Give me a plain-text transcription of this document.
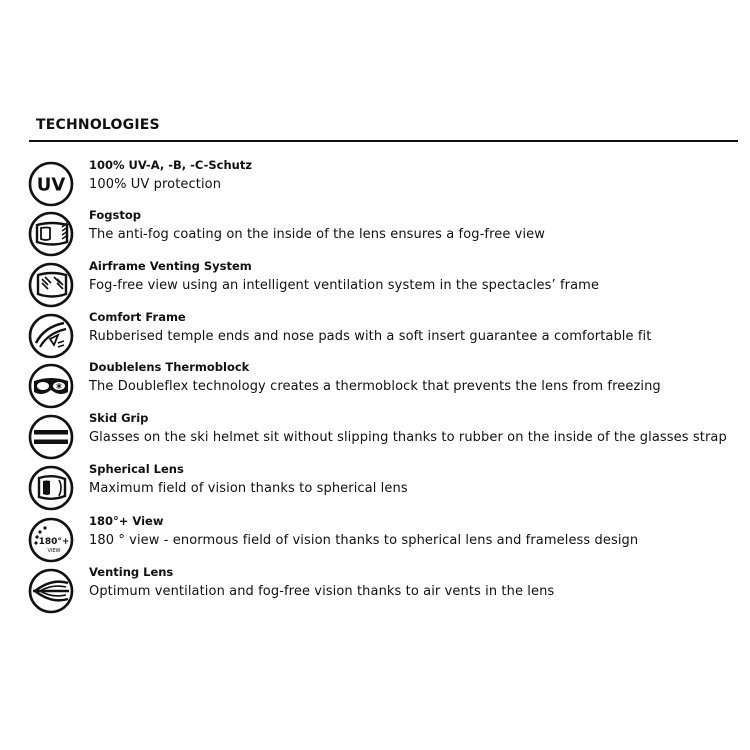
TECHNOLOGIES
UV
100% UV-A, -B, -C-Schutz
100% UV protection
Fogstop
The anti-fog coating on the inside of the lens ensures a fog-free view
Airframe Venting System
Fog-free view using an intelligent ventilation system in the spectacles’ frame
Comfort Frame
Rubberised temple ends and nose pads with a soft insert guarantee a comfortable fit
Doublelens Thermoblock
The Doubleflex technology creates a thermoblock that prevents the lens from freezing
Skid Grip
Glasses on the ski helmet sit without slipping thanks to rubber on the inside of the glasses strap
Spherical Lens
Maximum field of vision thanks to spherical lens
180°+
VIEW
180°+ View
180 ° view - enormous field of vision thanks to spherical lens and frameless design
Venting Lens
Optimum ventilation and fog-free vision thanks to air vents in the lens
